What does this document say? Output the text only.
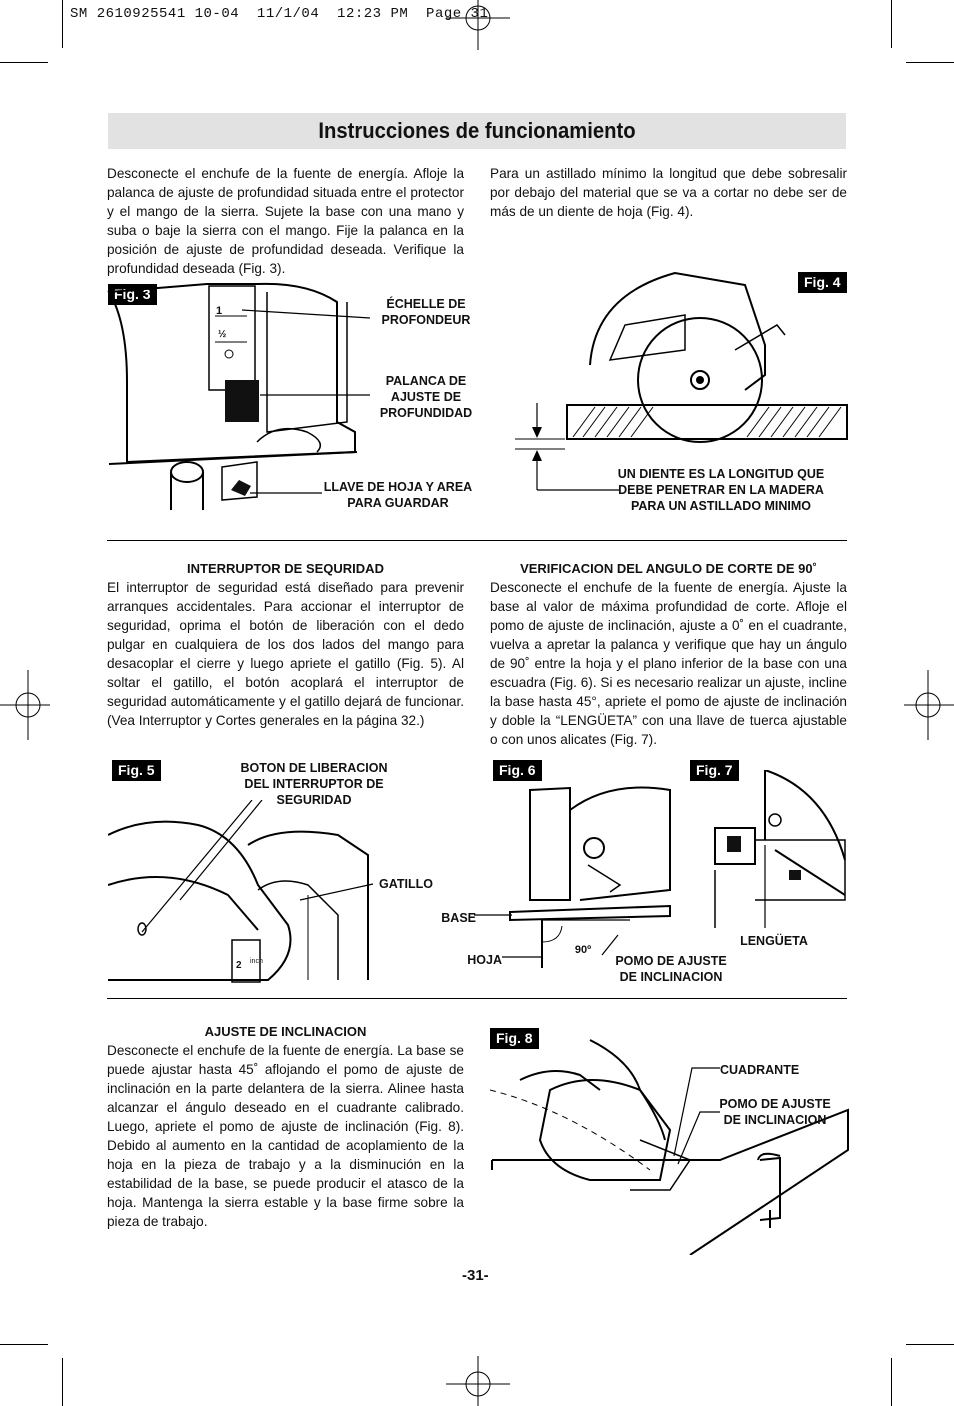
SM 2610925541 10-04  11/1/04  12:23 PM  Page 31
Instrucciones de funcionamiento
Desconecte el enchufe de la fuente de energía. Afloje la palanca de ajuste de profundidad situada entre el protector y el mango de la sierra. Sujete la base con una mano y suba o baje la sierra con el mango. Fije la palanca en la posición de ajuste de profundidad deseada. Verifique la profundidad deseada (Fig. 3).
Para un astillado mínimo la longitud que debe sobresalir por debajo del material que se va a cortar no debe ser de más de un diente de hoja (Fig. 4).
Fig. 3
1
½
ÉCHELLE DE PROFONDEUR
PALANCA DE AJUSTE DE PROFUNDIDAD
LLAVE DE HOJA Y AREA PARA GUARDAR
Fig. 4
UN DIENTE ES LA LONGITUD QUE DEBE PENETRAR EN LA MADERA PARA UN ASTILLADO MINIMO
INTERRUPTOR DE SEQURIDAD
El interruptor de seguridad está diseñado para prevenir arranques accidentales. Para accionar el interruptor de seguridad, oprima el botón de liberación con el dedo pulgar en cualquiera de los dos lados del mango para desacoplar el cierre y luego apriete el gatillo (Fig. 5). Al soltar el gatillo, el botón acoplará el interruptor de seguridad automáticamente y el gatillo dejará de funcionar. (Vea Interruptor y Cortes generales en la página 32.)
VERIFICACION DEL ANGULO DE CORTE DE 90˚
Desconecte el enchufe de la fuente de energía. Ajuste la base al valor de máxima profundidad de corte. Afloje el pomo de ajuste de inclinación, ajuste a 0˚ en el cuadrante, vuelva a apretar la palanca y verifique que hay un ángulo de 90˚ entre la hoja y el plano inferior de la base con una escuadra (Fig. 6). Si es necesario realizar un ajuste, incline la base hasta 45°, apriete el pomo de ajuste de inclinación y doble la “LENGÜETA” con una llave de tuerca ajustable o con unos alicates (Fig. 7).
Fig. 5
2 inch
BOTON DE LIBERACION DEL INTERRUPTOR DE SEGURIDAD
GATILLO
Fig. 6
BASE
HOJA
90º
POMO DE AJUSTE DE INCLINACION
Fig. 7
LENGÜETA
AJUSTE DE INCLINACION
Desconecte el enchufe de la fuente de energía. La base se puede ajustar hasta 45˚ aflojando el pomo de ajuste de inclinación en la parte delantera de la sierra. Alinee hasta alcanzar el ángulo deseado en el cuadrante calibrado. Luego, apriete el pomo de ajuste de inclinación (Fig. 8). Debido al aumento en la cantidad de acoplamiento de la hoja en la pieza de trabajo y a la disminución en la estabilidad de la base, se puede producir el atasco de la hoja. Mantenga la sierra estable y la base firme sobre la pieza de trabajo.
Fig. 8
CUADRANTE
POMO DE AJUSTE DE INCLINACION
-31-
